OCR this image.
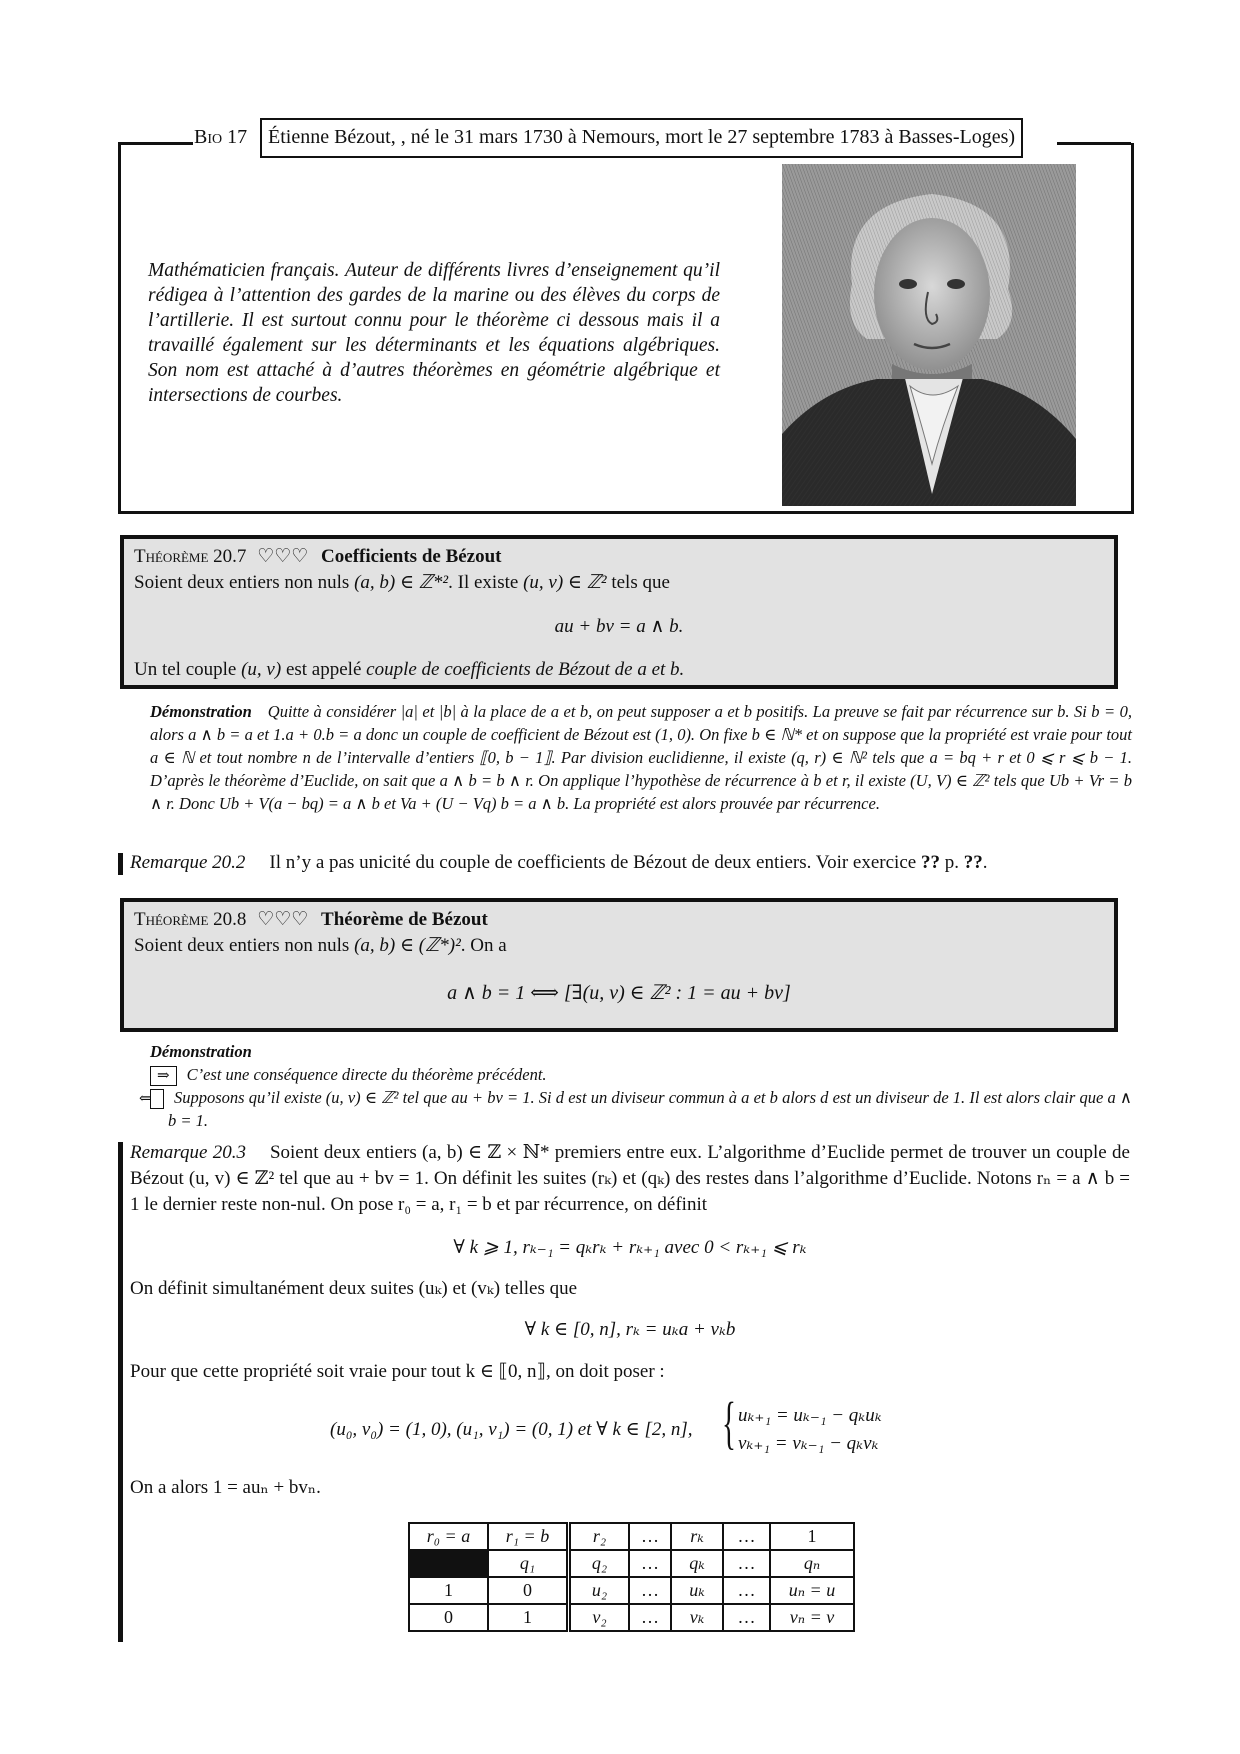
Bio 17	Étienne Bézout, , né le 31 mars 1730 à Nemours, mort le 27 septembre 1783 à Basses-Loges)
Mathématicien français. Auteur de différents livres d’enseignement qu’il rédigea à l’attention des gardes de la marine ou des élèves du corps de l’artillerie. Il est surtout connu pour le théorème ci dessous mais il a travaillé également sur les déterminants et les équations algébriques. Son nom est attaché à d’autres théorèmes en géométrie algébrique et intersections de courbes.
Théorème 20.7 ♡♡♡ Coefficients de Bézout
Soient deux entiers non nuls (a, b) ∈ ℤ*². Il existe (u, v) ∈ ℤ² tels que
au + bv = a ∧ b.
Un tel couple (u, v) est appelé couple de coefficients de Bézout de a et b.
Démonstration Quitte à considérer |a| et |b| à la place de a et b, on peut supposer a et b positifs. La preuve se fait par récurrence sur b. Si b = 0, alors a ∧ b = a et 1.a + 0.b = a donc un couple de coefficient de Bézout est (1, 0). On fixe b ∈ ℕ* et on suppose que la propriété est vraie pour tout a ∈ ℕ et tout nombre n de l’intervalle d’entiers ⟦0, b − 1⟧. Par division euclidienne, il existe (q, r) ∈ ℕ² tels que a = bq + r et 0 ⩽ r ⩽ b − 1. D’après le théorème d’Euclide, on sait que a ∧ b = b ∧ r. On applique l’hypothèse de récurrence à b et r, il existe (U, V) ∈ ℤ² tels que Ub + Vr = b ∧ r. Donc Ub + V(a − bq) = a ∧ b et Va + (U − Vq) b = a ∧ b. La propriété est alors prouvée par récurrence.
Remarque 20.2 Il n’y a pas unicité du couple de coefficients de Bézout de deux entiers. Voir exercice ?? p. ??.
Théorème 20.8 ♡♡♡ Théorème de Bézout
Soient deux entiers non nuls (a, b) ∈ (ℤ*)². On a
a ∧ b = 1 ⟺ [∃(u, v) ∈ ℤ² : 1 = au + bv]
Démonstration
⇒ C’est une conséquence directe du théorème précédent.
⇐ Supposons qu’il existe (u, v) ∈ ℤ² tel que au + bv = 1. Si d est un diviseur commun à a et b alors d est un diviseur de 1. Il est alors clair que a ∧ b = 1.
Remarque 20.3 Soient deux entiers (a, b) ∈ ℤ × ℕ* premiers entre eux. L’algorithme d’Euclide permet de trouver un couple de Bézout (u, v) ∈ ℤ² tel que au + bv = 1. On définit les suites (rₖ) et (qₖ) des restes dans l’algorithme d’Euclide. Notons rₙ = a ∧ b = 1 le dernier reste non-nul. On pose r₀ = a, r₁ = b et par récurrence, on définit
∀ k ⩾ 1, rₖ₋₁ = qₖrₖ + rₖ₊₁ avec 0 < rₖ₊₁ ⩽ rₖ
On définit simultanément deux suites (uₖ) et (vₖ) telles que
∀ k ∈ [0, n], rₖ = uₖa + vₖb
Pour que cette propriété soit vraie pour tout k ∈ ⟦0, n⟧, on doit poser :
(u₀, v₀) = (1, 0), (u₁, v₁) = (0, 1) et ∀ k ∈ [2, n], { uₖ₊₁ = uₖ₋₁ − qₖuₖ
vₖ₊₁ = vₖ₋₁ − qₖvₖ
On a alors 1 = auₙ + bvₙ.
r₀ = a	r₁ = b	r₂	…	rₖ	…	1
	q₁	q₂	…	qₖ	…	qₙ
1	0	u₂	…	uₖ	…	uₙ = u
0	1	v₂	…	vₖ	…	vₙ = v
